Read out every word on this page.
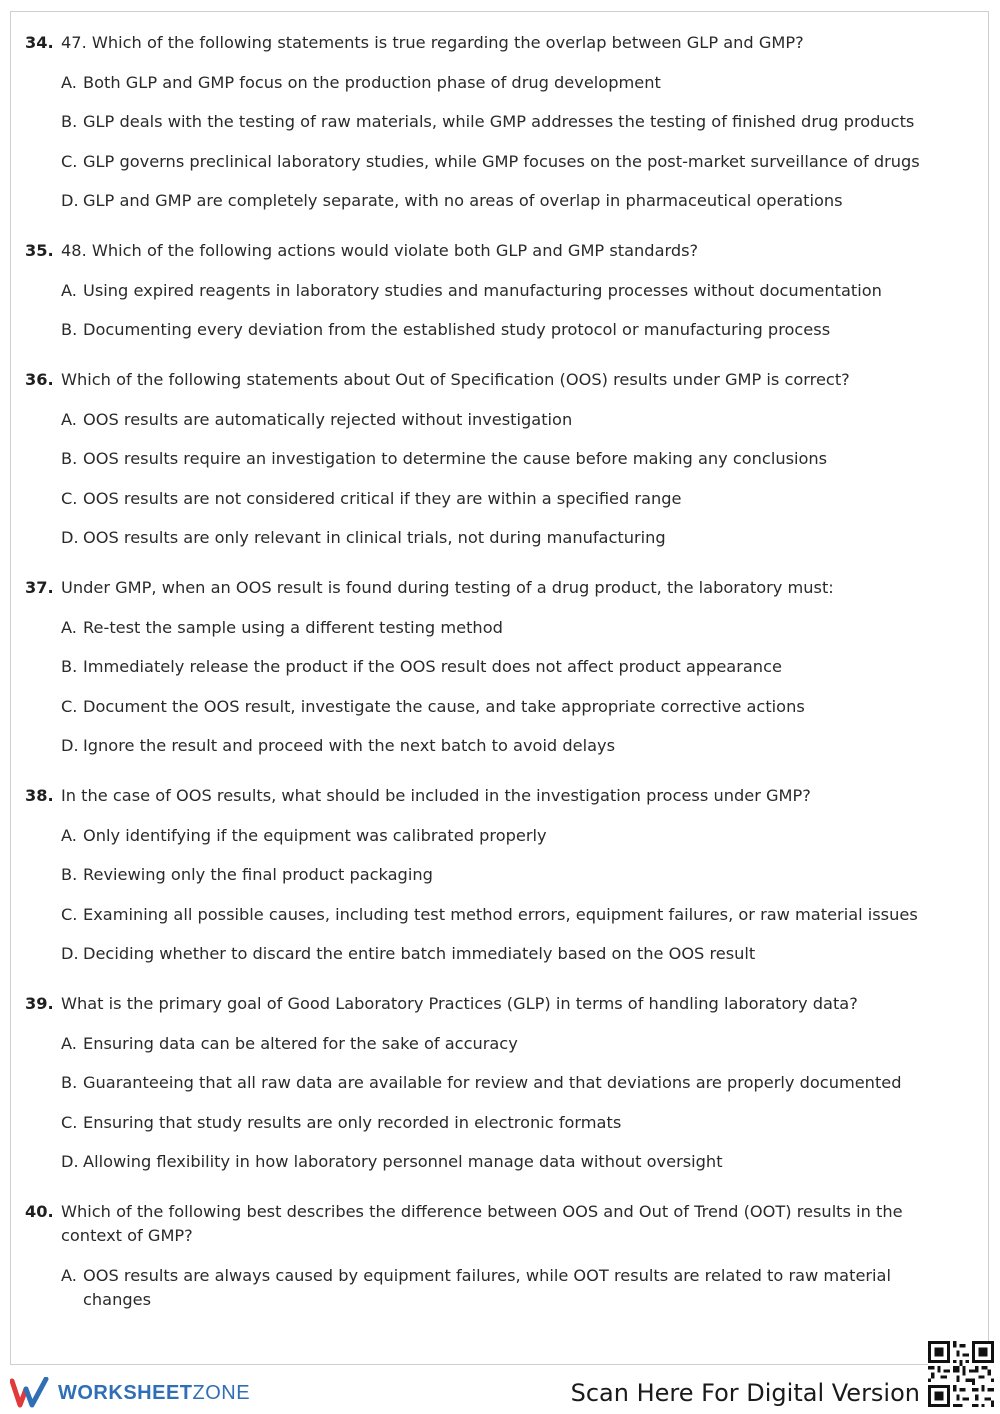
34. 47. Which of the following statements is true regarding the overlap between GLP and GMP?
A. Both GLP and GMP focus on the production phase of drug development
B. GLP deals with the testing of raw materials, while GMP addresses the testing of finished drug products
C. GLP governs preclinical laboratory studies, while GMP focuses on the post-market surveillance of drugs
D. GLP and GMP are completely separate, with no areas of overlap in pharmaceutical operations
35. 48. Which of the following actions would violate both GLP and GMP standards?
A. Using expired reagents in laboratory studies and manufacturing processes without documentation
B. Documenting every deviation from the established study protocol or manufacturing process
36. Which of the following statements about Out of Specification (OOS) results under GMP is correct?
A. OOS results are automatically rejected without investigation
B. OOS results require an investigation to determine the cause before making any conclusions
C. OOS results are not considered critical if they are within a specified range
D. OOS results are only relevant in clinical trials, not during manufacturing
37. Under GMP, when an OOS result is found during testing of a drug product, the laboratory must:
A. Re-test the sample using a different testing method
B. Immediately release the product if the OOS result does not affect product appearance
C. Document the OOS result, investigate the cause, and take appropriate corrective actions
D. Ignore the result and proceed with the next batch to avoid delays
38. In the case of OOS results, what should be included in the investigation process under GMP?
A. Only identifying if the equipment was calibrated properly
B. Reviewing only the final product packaging
C. Examining all possible causes, including test method errors, equipment failures, or raw material issues
D. Deciding whether to discard the entire batch immediately based on the OOS result
39. What is the primary goal of Good Laboratory Practices (GLP) in terms of handling laboratory data?
A. Ensuring data can be altered for the sake of accuracy
B. Guaranteeing that all raw data are available for review and that deviations are properly documented
C. Ensuring that study results are only recorded in electronic formats
D. Allowing flexibility in how laboratory personnel manage data without oversight
40. Which of the following best describes the difference between OOS and Out of Trend (OOT) results in the context of GMP?
A. OOS results are always caused by equipment failures, while OOT results are related to raw material changes
WORKSHEETZONE	Scan Here For Digital Version
